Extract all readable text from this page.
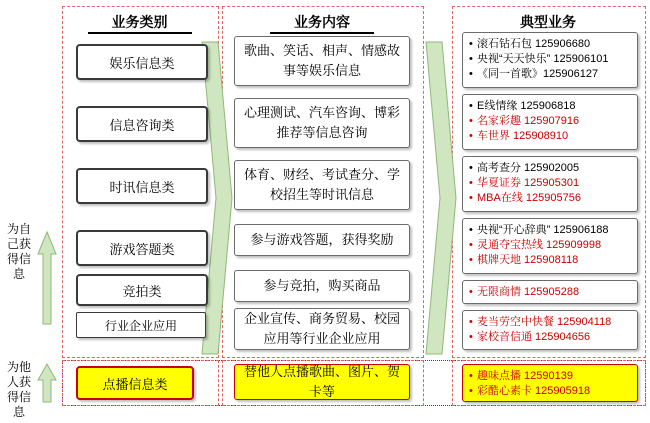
业务类别	业务内容	典型业务
为自己获得信息
为他人获得信息
娱乐信息类
信息咨询类
时讯信息类
游戏答题类
竞拍类
行业企业应用
点播信息类
歌曲、笑话、相声、情感故事等娱乐信息
心理测试、汽车咨询、博彩推荐等信息咨询
体育、财经、考试查分、学校招生等时讯信息
参与游戏答题，获得奖励
参与竞拍，购买商品
企业宣传、商务贸易、校园应用等行业企业应用
替他人点播歌曲、图片、贺卡等
• 滚石钻石包 125906680
• 央视“天天快乐” 125906101
• 《同一首歌》125906127
• E线情缘 125906818
• 名家彩趣 125907916
• 车世界 125908910
• 高考查分 125902005
• 华夏证券 125905301
• MBA在线 125905756
• 央视“开心辞典” 125906188
• 灵通夺宝热线 125909998
• 棋牌天地 125908118
• 无限商情 125905288
• 麦当劳空中快餐 125904118
• 家校音信通 125904656
• 趣味点播 12590139
• 彩酷心素卡 125905918
